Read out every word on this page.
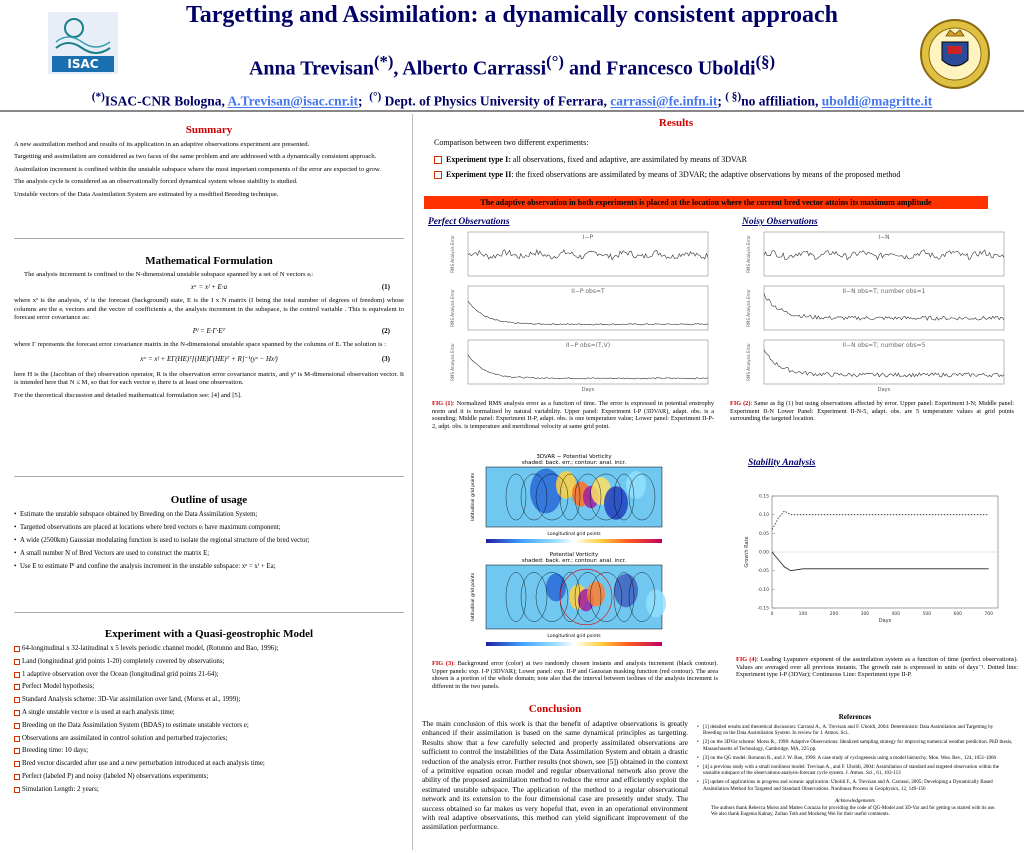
ISAC
Targetting and Assimilation: a dynamically consistent approach
Anna Trevisan(*), Alberto Carrassi(°) and Francesco Uboldi(§)
(*)ISAC-CNR Bologna, A.Trevisan@isac.cnr.it;  (°) Dept. of Physics University of Ferrara, carrassi@fe.infn.it; ( §)no affiliation, uboldi@magritte.it
Summary

A new assimilation method and results of its application in an adaptive observations experiment are presented.

Targetting and assimilation are considered as two faces of the same problem and are addressed with a dynamically consistent approach.

Assimilation increment is confined within the unstable subspace where the most important components of the error are expected to grow.

The analysis cycle is considered as an observationally forced dynamical system whose stability is studied.

Unstable vectors of the Data Assimilation System are estimated by a modified Breeding technique.

Mathematical Formulation

The analysis increment is confined to the N-dimensional unstable subspace spanned by a set of N vectors eᵢ:

xᵃ = xᶠ + E·a	(1)

where xᵃ is the analysis, xᶠ is the forecast (background) state, E is the I x N matrix (I being the total number of degrees of freedom) whose columns are the eᵢ vectors and the vector of coefficients a, the analysis increment in the subspace, is the control variable . This is equivalent to forecast error covariance as:

Pᶠ = E·Γ·Eᵀ	(2)

where Γ represents the forecast error covariance matrix in the N-dimensional unstable space spanned by the columns of E. The solution is :

xᵃ = xᶠ + EΓ(HE)ᵀ[(HE)Γ(HE)ᵀ + R]⁻¹(yᵒ − Hxᶠ)	(3)

here H is the (Jacobian of the) observation operator, R is the observation error covariance matrix, and yᵒ is M-dimensional observation vector. It is intended here that N ≤ M, so that for each vector eᵢ there is at least one observation.

For the theoretical discussion and detailed mathematical formulation see: [4] and [5].

Outline of usage
• Estimate the unstable subspace obtained by Breeding on the Data Assimilation System;
• Targetted observations are placed at locations where bred vectors eᵢ have maximum component;
• A wide (2500km) Gaussian modulating function is used to isolate the regional structure of the bred vector;
• A small number N of Bred Vectors are used to construct the matrix E;
• Use E to estimate Pᶠ and confine the analysis increment in the unstable subspace: xᵃ = xᶠ + Ea;
Experiment with a Quasi-geostrophic Model
64-longitudinal x 32-latitudinal x 5 levels periodic channel model, (Rotunno and Bao, 1996);
Land (longitudinal grid points 1-20) completely covered by observations;
1 adaptive observation over the Ocean (longitudinal grid points 21-64);
Perfect Model hypothesis;
Standard Analysis scheme: 3D-Var assimilation over land, (Morss et al., 1999);
A single unstable vector e is used at each analysis time;
Breeding on the Data Assimilation System (BDAS) to estimate unstable vectors e;
Observations are assimilated in control solution and perturbed trajectories;
Breeding time: 10 days;
Bred vector discarded after use and a new perturbation introduced at each analysis time;
Perfect (labeled P) and noisy (labeled N) observations experiments;
Simulation Length: 2 years;
Results
Comparison between two different experiments:
Experiment type I: all observations, fixed and adaptive, are assimilated by means of 3DVAR
Experiment type II: the fixed observations are assimilated by means of 3DVAR; the adaptive observations by means of the proposed method
The adaptive observation in both experiments is placed at the location where the current bred vector attains its maximum amplitude
Perfect Observations	Noisy Observations
I−P
RMS Analysis Error
II−P obs=T
RMS Analysis Error
II−P obs=(T,V)
RMS Analysis Error
Days
I−N
RMS Analysis Error
II−N obs=T; number obs=1
RMS Analysis Error
II−N obs=T; number obs=5
RMS Analysis Error
Days
FIG (1): Normalized RMS analysis error as a function of time. The error is expressed in potential enstrophy norm and it is normalized by natural variability. Upper panel: Experiment I-P (3DVAR), adapt. obs. is a sounding; Middle panel: Experiment II-P, adapt. obs. is one temperature value; Lower panel: Experiment II-P-2, adpt. obs. is temperature and meridional velocity at same grid point.
FIG (2): Same as fig (1) but using observations affected by error. Upper panel: Experiment I-N; Middle panel: Experiment II-N Lower Panel: Experiment II-N-5, adapt. obs. are 5 temperature values at grid points surrounding the targeted location.
3DVAR − Potential Vorticity
shaded: back. err.; contour: anal. incr.
Longitudinal grid points
latitudinal grid points
Potential Vorticity
shaded: back. err.; contour: anal. incr.
Longitudinal grid points
latitudinal grid points
Stability Analysis
-0.15
-0.10
-0.05
0.00
0.05
0.10
0.15
0	100	200	300	400	500	600	700
Days
Growth Rate
FIG (3): Background error (color) at two randomly chosen instants and analysis increment (black contour). Upper panels: exp. I-P (3DVAR); Lower panel: exp. II-P and Gaussian masking function (red contour). The area shown is a portion of the whole domain; note also that the interval between isolines of the analysis increment is different in the two panels.
FIG (4): Leading Lyapunov exponent of the assimilation system as a function of time (perfect observations). Values are averaged over all previous instants. The growth rate is expressed in units of days⁻¹. Dotted line: Experiment type I-P (3DVar); Continuous Line: Experiment type II-P.
Conclusion
The main conclusion of this work is that the benefit of adaptive observations is greatly enhanced if their assimilation is based on the same dynamical principles as targetting. Results show that a few carefully selected and properly assimilated observations are sufficient to control the instabilities of the Data Assimilation System and obtain a drastic reduction of the analysis error. Further results (not shown, see [5]) obtained in the context of a primitive equation ocean model and regular observational network also prove the ability of the proposed assimilation method to reduce the error and efficiently exploit the estimated unstable subspace. The application of the method to a regular observational network and its extension to the four dimensional case are presently under study. The success obtained so far makes us very hopeful that, even in an operational environment with real adaptive observations, this method can yield significant improvement of the assimilation performance.
References
• [1] detailed results and theoretical discussion: Carrassi A., A. Trevisan and F. Uboldi, 2004: Deterministic Data Assimilation and Targetting by Breeding on the Data Assimilation System. In review for J. Atmos. Sci..
• [2] on the 3DVar scheme: Morss R., 1998: Adaptive Observations: Idealized sampling strategy for improving numerical weather prediction. PhD thesis, Massachusetts of Technology, Cambridge, MA, 225 pp.
• [3] on the QG model: Rotunno R., and J. W. Bao, 1996: A case study of cyclogenesis using a model hierarchy. Mon. Wea. Rev., 124, 1051-1066
• [4] a previous study with a small nonlinear model: Trevisan A., and F. Uboldi, 2004: Assimilation of standard and targeted observation within the unstable subspace of the observations-analysis-forecast cycle system. J. Atmos. Sci., 61, 103-113
• [5] update of applications in progress and oceanic application: Uboldi F., A. Trevisan and A. Carrassi, 2005: Developing a Dynamically Based Assimilation Method for Targeted and Standard Observations. Nonlinear Process in Geophysics, 12, 149-156
Acknowledgements
The authors thank Rebecca Morss and Matteo Corazza for providing the code of QG-Model and 3D-Var and for getting us started with its use. We also thank Eugenia Kalnay, Zoltan Toth and Mozheng Wei for their useful comments.
